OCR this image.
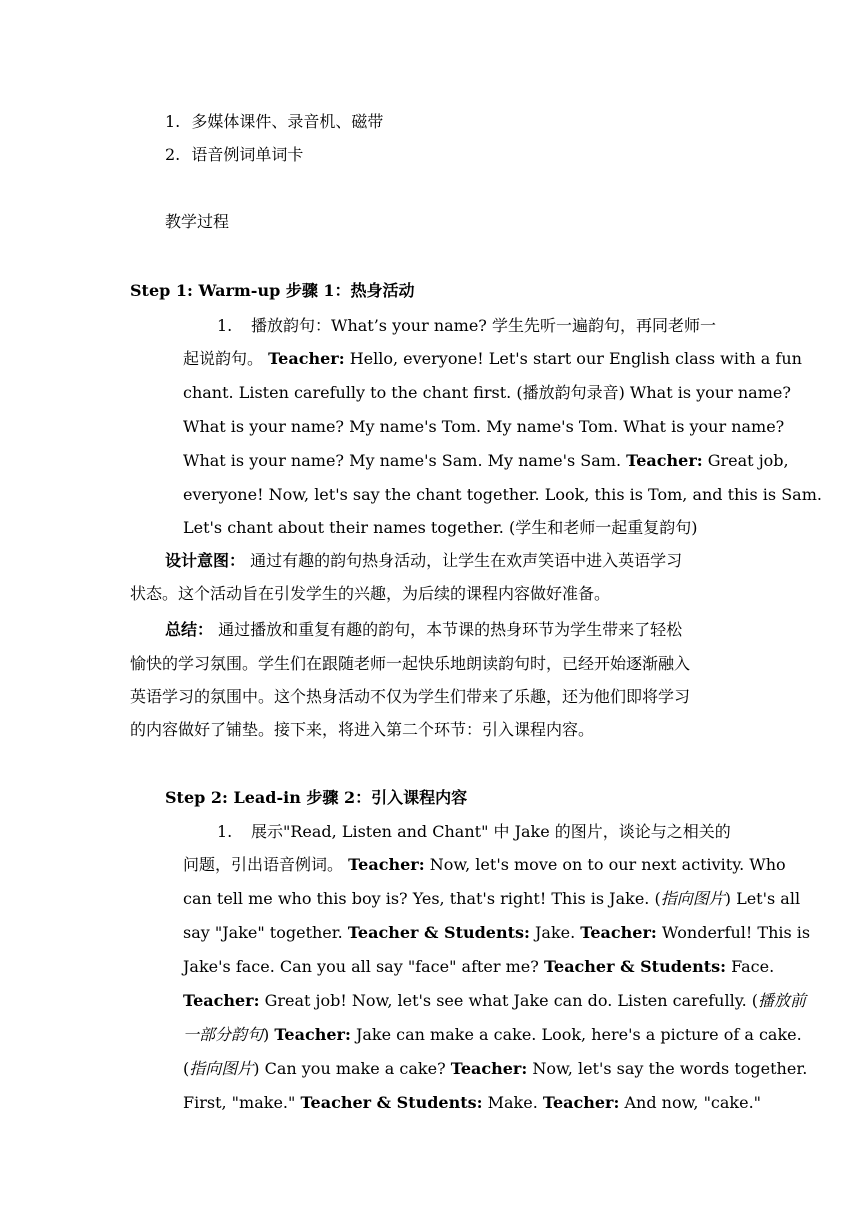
1. 多媒体课件、录音机、磁带
2. 语音例词单词卡
教学过程
Step 1: Warm-up 步骤 1：热身活动
1. 播放韵句：What’s your name? 学生先听一遍韵句，再同老师一
起说韵句。 Teacher: Hello, everyone! Let's start our English class with a fun
chant. Listen carefully to the chant first. (播放韵句录音) What is your name?
What is your name? My name's Tom. My name's Tom. What is your name?
What is your name? My name's Sam. My name's Sam. Teacher: Great job,
everyone! Now, let's say the chant together. Look, this is Tom, and this is Sam.
Let's chant about their names together. (学生和老师一起重复韵句)
设计意图： 通过有趣的韵句热身活动，让学生在欢声笑语中进入英语学习
状态。这个活动旨在引发学生的兴趣，为后续的课程内容做好准备。
总结： 通过播放和重复有趣的韵句，本节课的热身环节为学生带来了轻松
愉快的学习氛围。学生们在跟随老师一起快乐地朗读韵句时，已经开始逐渐融入
英语学习的氛围中。这个热身活动不仅为学生们带来了乐趣，还为他们即将学习
的内容做好了铺垫。接下来，将进入第二个环节：引入课程内容。
Step 2: Lead-in 步骤 2：引入课程内容
1. 展示"Read, Listen and Chant" 中 Jake 的图片，谈论与之相关的
问题，引出语音例词。 Teacher: Now, let's move on to our next activity. Who
can tell me who this boy is? Yes, that's right! This is Jake. (指向图片) Let's all
say "Jake" together. Teacher & Students: Jake. Teacher: Wonderful! This is
Jake's face. Can you all say "face" after me? Teacher & Students: Face.
Teacher: Great job! Now, let's see what Jake can do. Listen carefully. (播放前
一部分韵句) Teacher: Jake can make a cake. Look, here's a picture of a cake.
(指向图片) Can you make a cake? Teacher: Now, let's say the words together.
First, "make." Teacher & Students: Make. Teacher: And now, "cake."
